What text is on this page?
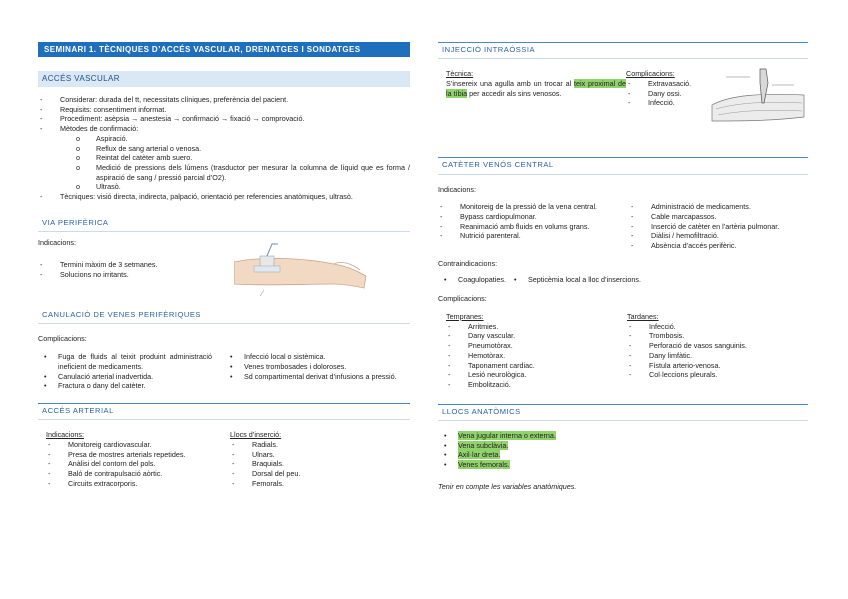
SEMINARI 1. TÈCNIQUES D’ACCÉS VASCULAR, DRENATGES I SONDATGES
ACCÉS VASCULAR
- Considerar: durada del tt, necessitats clíniques, preferència del pacient.
- Requisits: consentiment informat.
- Procediment: asèpsia → anestesia → confirmació → fixació → comprovació.
- Mètodes de confirmació:
o Aspiració.
o Reflux de sang arterial o venosa.
o Reintat del catèter amb suero.
o Medició de pressions dels lúmens (trasductor per mesurar la columna de líquid que es forma / aspiració de sang / pressió parcial d’O2).
o Ultrasò.
- Tècniques: visió directa, indirecta, palpació, orientació per referencies anatòmiques, ultrasò.
VIA PERIFÈRICA
Indicacions:
- Termini màxim de 3 setmanes.
- Solucions no irritants.
CANULACIÓ DE VENES PERIFÈRIQUES
Complicacions:
• Fuga de fluids al teixit produint administració ineficient de medicaments.
• Canulació arterial inadvertida.
• Fractura o dany del catèter.
• Infecció local o sistèmica.
• Venes trombosades i doloroses.
• Sd compartimental derivat d’infusions a pressió.
ACCÉS ARTERIAL
Indicacions:
- Monitoreig cardiovascular.
- Presa de mostres arterials repetides.
- Anàlisi del contorn del pols.
- Baló de contrapulsació aòrtic.
- Circuits extracorporis.
Llocs d’inserció:
- Radials.
- Ulnars.
- Braquials.
- Dorsal del peu.
- Femorals.
INJECCIÓ INTRAÓSSIA
Tècnica:
S’insereix una agulla amb un trocar al teix proximal de la tíbia per accedir als sins venosos.
Complicacions:
- Extravasació.
- Dany ossi.
- Infecció.
CATÈTER VENÓS CENTRAL
Indicacions:
- Monitoreig de la pressió de la vena central.
- Bypass cardiopulmonar.
- Reanimació amb fluids en volums grans.
- Nutrició parenteral.
- Administració de medicaments.
- Cable marcapassos.
- Inserció de catèter en l’artèria pulmonar.
- Diàlisi / hemofiltració.
- Absència d’accés perifèric.
Contraindicacions:
• Coagulopaties.
•	Septicèmia local a lloc d’insercions.
Complicacions:
Tempranes:
- Arritmies.
- Dany vascular.
- Pneumotòrax.
- Hemotòrax.
- Taponament cardiac.
- Lesió neurològica.
- Embolització.
Tardanes:
- Infecció.
- Trombosis.
- Perforació de vasos sanguinis.
- Dany limfàtic.
- Fístula arterio-venosa.
- Col·leccions pleurals.
LLOCS ANATÒMICS
• Vena jugular interna o externa.
• Vena subclàvia.
• Axil·lar dreta.
• Venes femorals.
Tenir en compte les variables anatòmiques.
